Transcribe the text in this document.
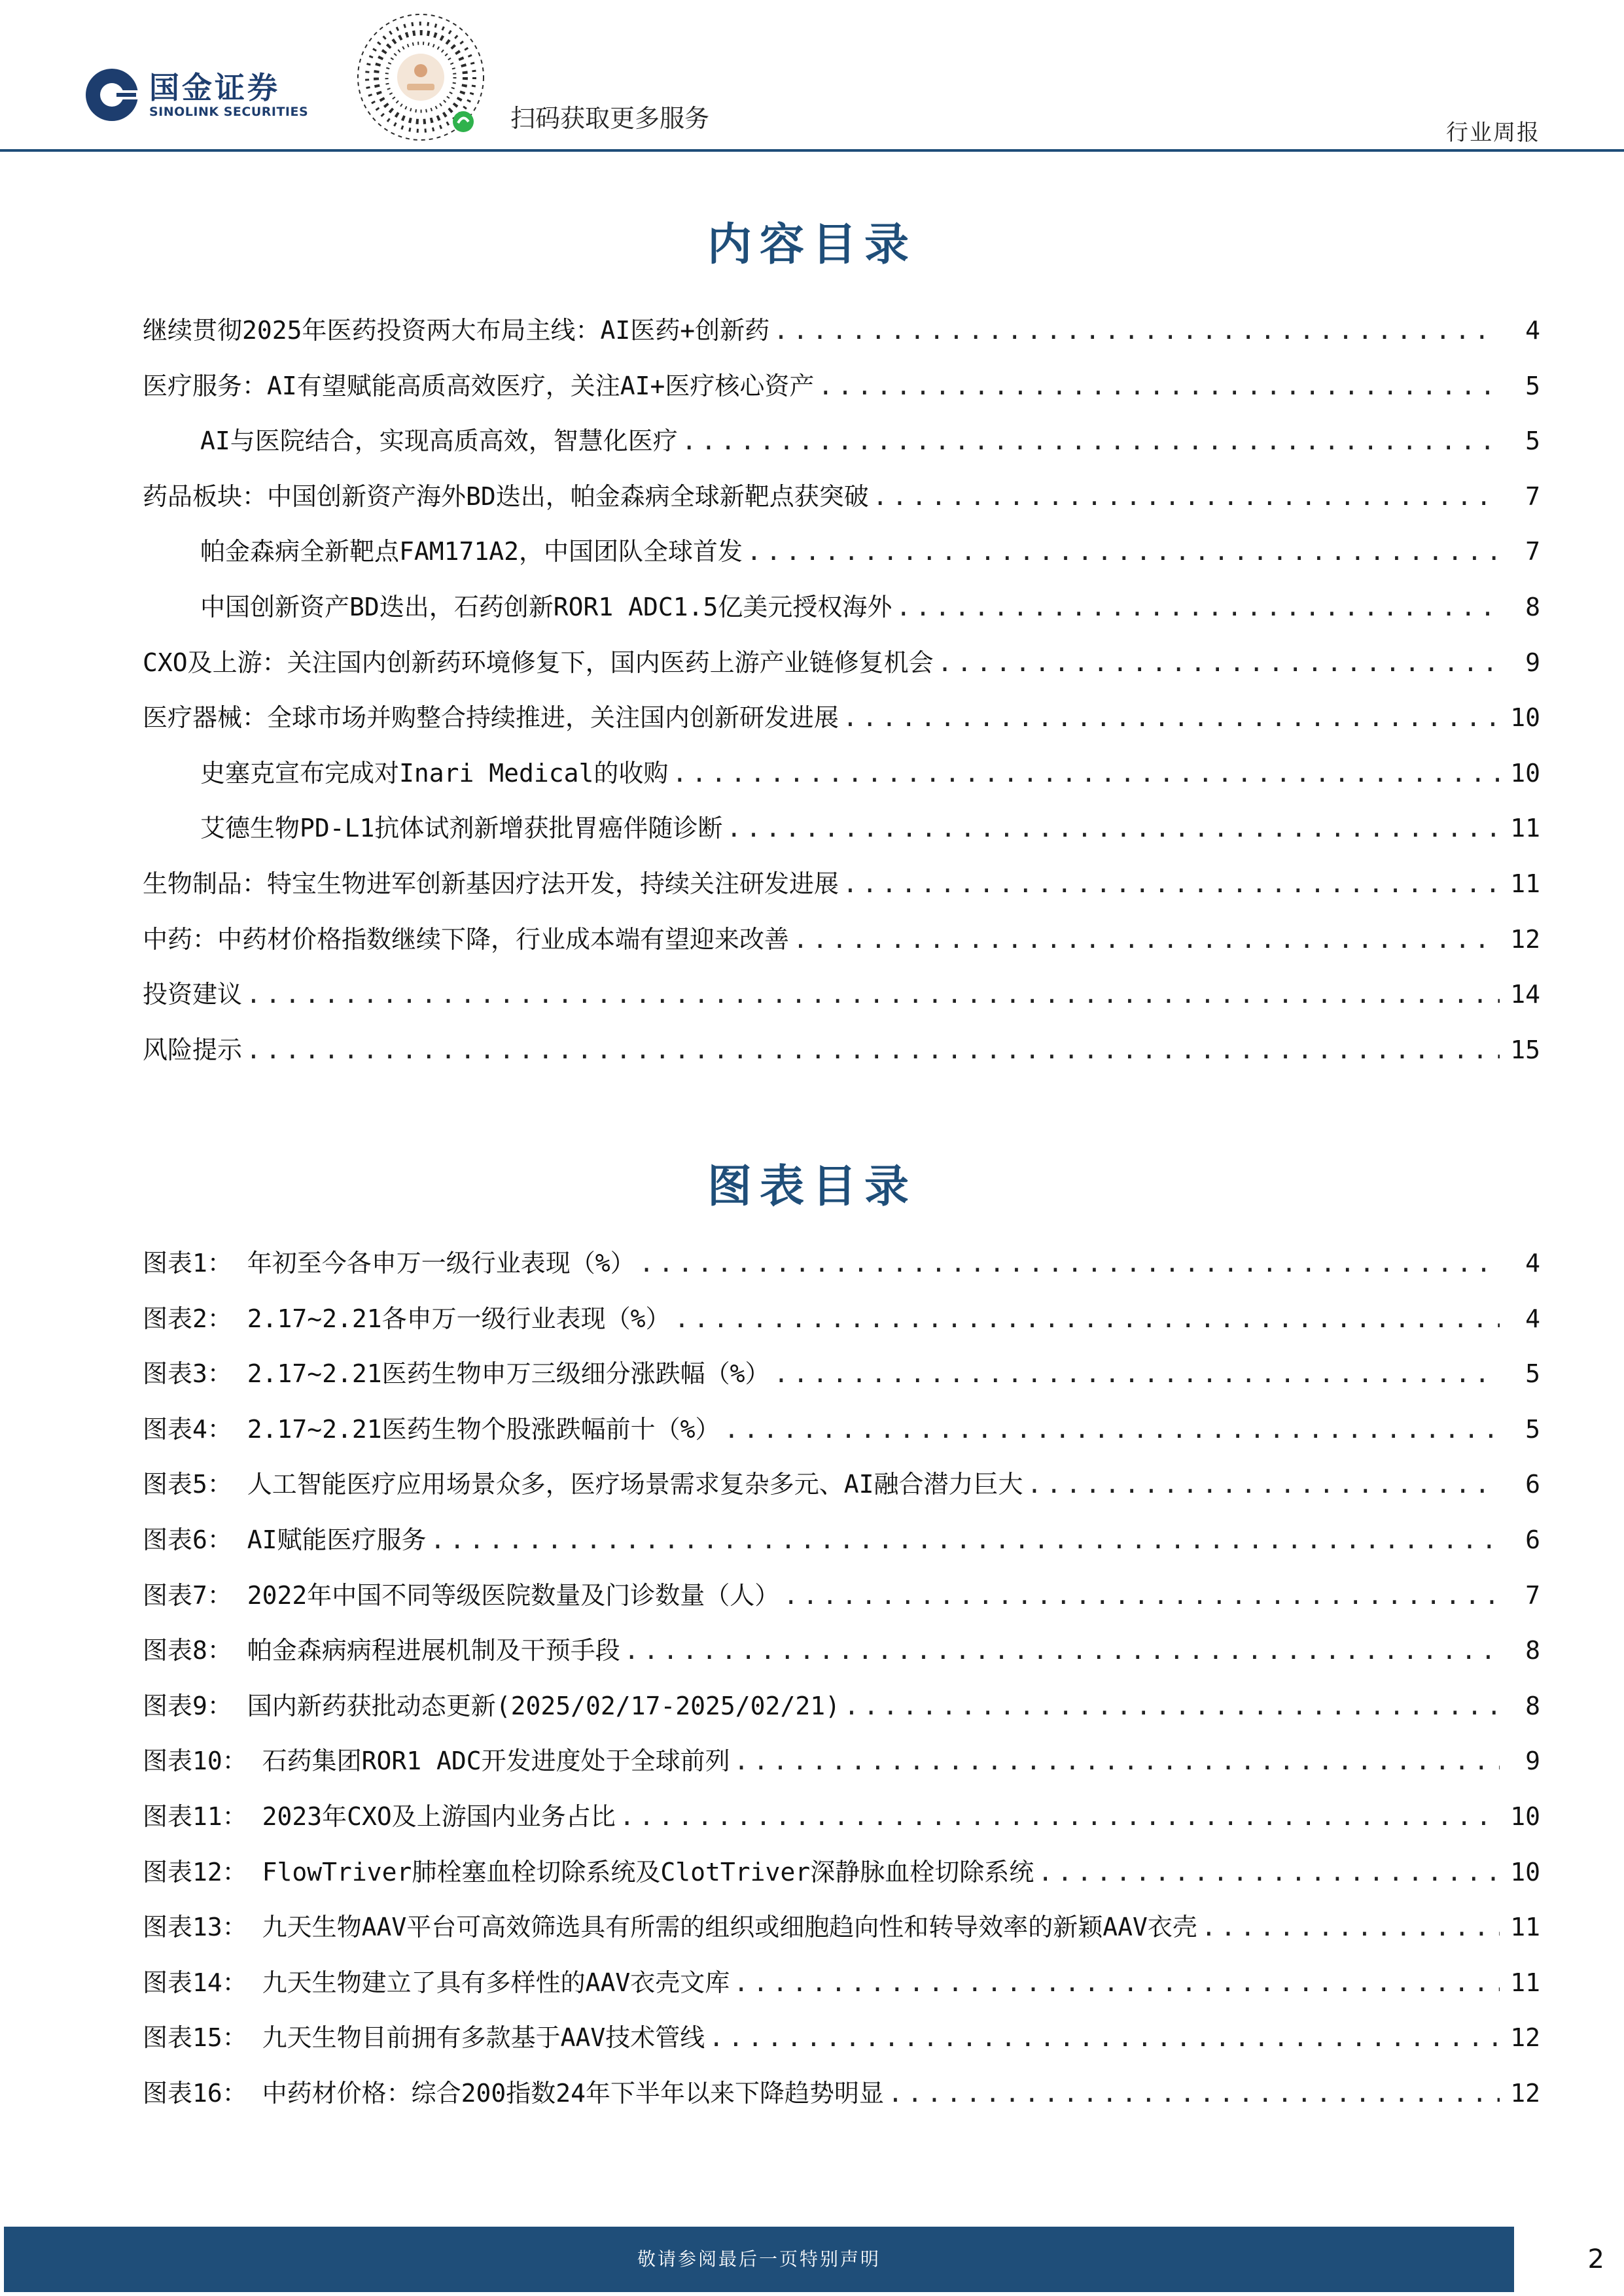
国金证券
SINOLINK SECURITIES	扫码获取更多服务	行业周报
内容目录
继续贯彻2025年医药投资两大布局主线：AI医药+创新药 . . .	4
医疗服务：AI有望赋能高质高效医疗，关注AI+医疗核心资产 . . .	5
AI与医院结合，实现高质高效，智慧化医疗 . . .	5
药品板块：中国创新资产海外BD迭出，帕金森病全球新靶点获突破 . . .	7
帕金森病全新靶点FAM171A2，中国团队全球首发 . . .	7
中国创新资产BD迭出，石药创新ROR1 ADC1.5亿美元授权海外 . . .	8
CXO及上游：关注国内创新药环境修复下，国内医药上游产业链修复机会 . . .	9
医疗器械：全球市场并购整合持续推进，关注国内创新研发进展 . . .	10
史塞克宣布完成对Inari Medical的收购 . . .	10
艾德生物PD-L1抗体试剂新增获批胃癌伴随诊断 . . .	11
生物制品：特宝生物进军创新基因疗法开发，持续关注研发进展 . . .	11
中药：中药材价格指数继续下降，行业成本端有望迎来改善 . . .	12
投资建议 . . .	14
风险提示 . . .	15
图表目录
图表1： 年初至今各申万一级行业表现（%） . . .	4
图表2： 2.17~2.21各申万一级行业表现（%） . . .	4
图表3： 2.17~2.21医药生物申万三级细分涨跌幅（%） . . .	5
图表4： 2.17~2.21医药生物个股涨跌幅前十（%） . . .	5
图表5： 人工智能医疗应用场景众多，医疗场景需求复杂多元、AI融合潜力巨大 . . .	6
图表6： AI赋能医疗服务 . . .	6
图表7： 2022年中国不同等级医院数量及门诊数量（人） . . .	7
图表8： 帕金森病病程进展机制及干预手段 . . .	8
图表9： 国内新药获批动态更新(2025/02/17-2025/02/21) . . .	8
图表10： 石药集团ROR1 ADC开发进度处于全球前列 . . .	9
图表11： 2023年CXO及上游国内业务占比 . . .	10
图表12： FlowTriver肺栓塞血栓切除系统及ClotTriver深静脉血栓切除系统 . . .	10
图表13： 九天生物AAV平台可高效筛选具有所需的组织或细胞趋向性和转导效率的新颖AAV衣壳 . . .	11
图表14： 九天生物建立了具有多样性的AAV衣壳文库 . . .	11
图表15： 九天生物目前拥有多款基于AAV技术管线 . . .	12
图表16： 中药材价格：综合200指数24年下半年以来下降趋势明显 . . .	12
敬请参阅最后一页特别声明	2
